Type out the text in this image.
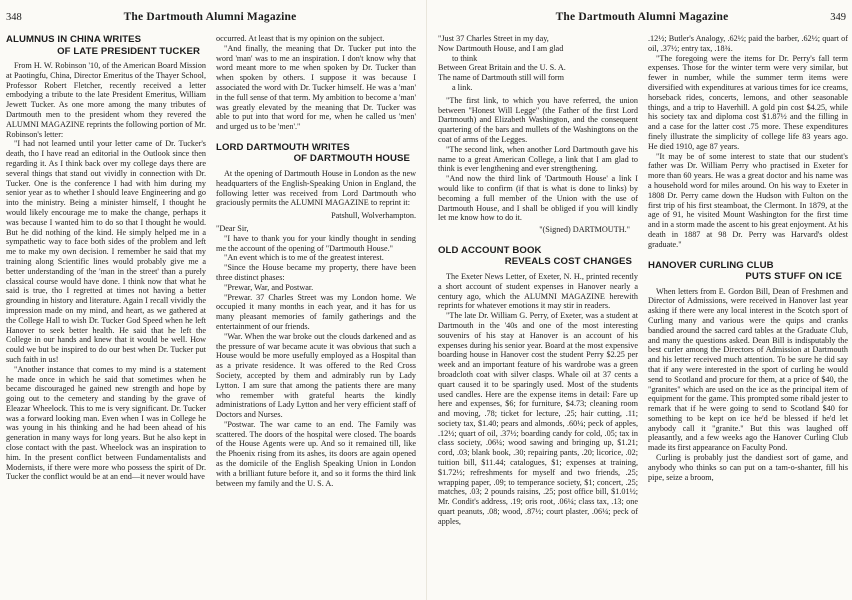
348	The Dartmouth Alumni Magazine
ALUMNUS IN CHINA WRITES
OF LATE PRESIDENT TUCKER

From H. W. Robinson '10, of the American Board Mission at Paotingfu, China, Director Emeritus of the Thayer School, Professor Robert Fletcher, recently received a letter embodying a tribute to the late President Emeritus, William Jewett Tucker. As one more among the many tributes of Dartmouth men to the president whom they revered the ALUMNI MAGAZINE reprints the following portion of Mr. Robinson's letter:

"I had not learned until your letter came of Dr. Tucker's death, tho I have read an editorial in the Outlook since then regarding it. As I think back over my college days there are several things that stand out vividly in connection with Dr. Tucker. One is the conference I had with him during my senior year as to whether I should leave Engineering and go into the ministry. Being a minister himself, I thought he would likely encourage me to make the change, perhaps it was because I wanted him to do so that I thought he would. But he did nothing of the kind. He simply helped me in a sympathetic way to face both sides of the problem and left me to make my own decision. I remember he said that my training along Scientific lines would probably give me a better understanding of the 'man in the street' than a purely classical course would have done. I think now that what he said is true, tho I regretted at times not having a better grounding in history and literature. Again I recall vividly the impression made on my mind, and heart, as we gathered at the College Hall to wish Dr. Tucker God Speed when he left Hanover to seek better health. He said that he left the College in our hands and knew that it would be well. How could we but be inspired to do our best when Dr. Tucker put such faith in us!

"Another instance that comes to my mind is a statement he made once in which he said that sometimes when he became discouraged he gained new strength and hope by going out to the cemetery and standing by the grave of Eleazar Wheelock. This to me is very significant. Dr. Tucker was a forward looking man. Even when I was in College he was young in his thinking and he had been ahead of his generation in many ways for long years. But he also kept in close contact with the past. Wheelock was an inspiration to him. In the present conflict between Fundamentalists and Modernists, if there were more who possess the spirit of Dr. Tucker the conflict would be at an end—it never would have

occurred. At least that is my opinion on the subject.

"And finally, the meaning that Dr. Tucker put into the word 'man' was to me an inspiration. I don't know why that word meant more to me when spoken by Dr. Tucker than when spoken by others. I suppose it was because I associated the word with Dr. Tucker himself. He was a 'man' in the full sense of that term. My ambition to become a 'man' was greatly elevated by the meaning that Dr. Tucker was able to put into that word for me, when he called us 'men' and urged us to be 'men'."

LORD DARTMOUTH WRITES
OF DARTMOUTH HOUSE

At the opening of Dartmouth House in London as the new headquarters of the English-Speaking Union in England, the following letter was received from Lord Dartmouth who graciously permits the ALUMNI MAGAZINE to reprint it:

Patshull, Wolverhampton.

"Dear Sir,

"I have to thank you for your kindly thought in sending me the account of the opening of "Dartmouth House."

"An event which is to me of the greatest interest.

"Since the House became my property, there have been three distinct phases:

"Prewar, War, and Postwar.

"Prewar. 37 Charles Street was my London home. We occupied it many months in each year, and it has for us many pleasant memories of family gatherings and the entertainment of our friends.

"War. When the war broke out the clouds darkened and as the pressure of war became acute it was obvious that such a House would be more usefully employed as a Hospital than as a private residence. It was offered to the Red Cross Society, accepted by them and admirably run by Lady Lytton. I am sure that among the patients there are many who remember with grateful hearts the kindly administrations of Lady Lytton and her very efficient staff of Doctors and Nurses.

"Postwar. The war came to an end. The Family was scattered. The doors of the hospital were closed. The boards of the House Agents were up. And so it remained till, like the Phoenix rising from its ashes, its doors are again opened as the domicile of the English Speaking Union in London with a brilliant future before it, and so it forms the third link between my family and the U. S. A.

The Dartmouth Alumni Magazine	349

"Just 37 Charles Street in my day,

Now Dartmouth House, and I am glad

to think

Between Great Britain and the U. S. A.

The name of Dartmouth still will form

a link.

"The first link, to which you have referred, the union between "Honest Will Legge" (the Father of the first Lord Dartmouth) and Elizabeth Washington, and the consequent quartering of the bars and mullets of the Washingtons on the coat of arms of the Legges.

"The second link, when another Lord Dartmouth gave his name to a great American College, a link that I am glad to think is ever lengthening and ever strengthening.

"And now the third link of 'Dartmouth House' a link I would like to confirm (if that is what is done to links) by becoming a full member of the Union with the use of Dartmouth House, and I shall be obliged if you will kindly let me know how to do it.

"(Signed) DARTMOUTH."

OLD ACCOUNT BOOK
REVEALS COST CHANGES

The Exeter News Letter, of Exeter, N. H., printed recently a short account of student expenses in Hanover nearly a century ago, which the ALUMNI MAGAZINE herewith reprints for whatever emotions it may stir in readers.

"The late Dr. William G. Perry, of Exeter, was a student at Dartmouth in the '40s and one of the most interesting souvenirs of his stay at Hanover is an account of his expenses during his senior year. Board at the most expensive boarding house in Hanover cost the student Perry $2.25 per week and an important feature of his wardrobe was a green broadcloth coat with silver clasps. Whale oil at 37 cents a quart caused it to be sparingly used. Most of the students used candles. Here are the expense items in detail: Fare up here and expenses, $6; for furniture, $4.73; cleaning room and moving, .78; ticket for lecture, .25; hair cutting, .11; society tax, $1.40; pears and almonds, .60¼; peck of apples, .12½; quart of oil, .37½; boarding candy for cold, .05; tax in class society, .06¼; wood sawing and bringing up, $1.21; cord, .03; blank book, .30; repairing pants, .20; licorice, .02; tuition bill, $11.44; catalogues, $1; expenses at training, $1.72½; refreshments for myself and two friends, .25; wrapping paper, .09; to temperance society, $1; concert, .25; matches, .03; 2 pounds raisins, .25; post office bill, $1.01½; Mr. Condit's address, .19; oris root, .06¼; class tax, .13; one quart peanuts, .08; wood, .87½; court plaster, .06¼; peck of apples,

.12½; Butler's Analogy, .62½; paid the barber, .62½; quart of oil, .37½; entry tax, .18¾.

"The foregoing were the items for Dr. Perry's fall term expenses. Those for the winter term were very similar, but fewer in number, while the summer term items were diversified with expenditures at various times for ice creams, horseback rides, concerts, lemons, and other seasonable things, and a trip to Haverhill. A gold pin cost $4.25, while his society tax and diploma cost $1.87½ and the filling in and a case for the latter cost .75 more. These expenditures finely illustrate the simplicity of college life 83 years ago. He died 1910, age 87 years.

"It may be of some interest to state that our student's father was Dr. William Perry who practised in Exeter for more than 60 years. He was a great doctor and his name was a household word for miles around. On his way to Exeter in 1808 Dr. Perry came down the Hudson with Fulton on the first trip of his first steamboat, the Clermont. In 1879, at the age of 91, he visited Mount Washington for the first time and in a storm made the ascent to his great enjoyment. At his death in 1887 at 98 Dr. Perry was Harvard's oldest graduate."

HANOVER CURLING CLUB
PUTS STUFF ON ICE

When letters from E. Gordon Bill, Dean of Freshmen and Director of Admissions, were received in Hanover last year asking if there were any local interest in the Scotch sport of Curling many and various were the quips and cranks bandied around the sacred card tables at the Graduate Club, and many the questions asked. Dean Bill is indisputably the best curler among the Directors of Admission at Dartmouth and his letter received much attention. To be sure he did say that if any were interested in the sport of curling he would send to Scotland and procure for them, at a price of $40, the "granites" which are used on the ice as the principal item of equipment for the game. This prompted some ribald jester to remark that if he were going to send to Scotland $40 for something to be kept on ice he'd be blessed if he'd let anybody call it "granite." But this was laughed off pleasantly, and a few weeks ago the Hanover Curling Club made its first appearance on Faculty Pond.

Curling is probably just the dandiest sort of game, and anybody who thinks so can put on a tam-o-shanter, fill his pipe, seize a broom,
